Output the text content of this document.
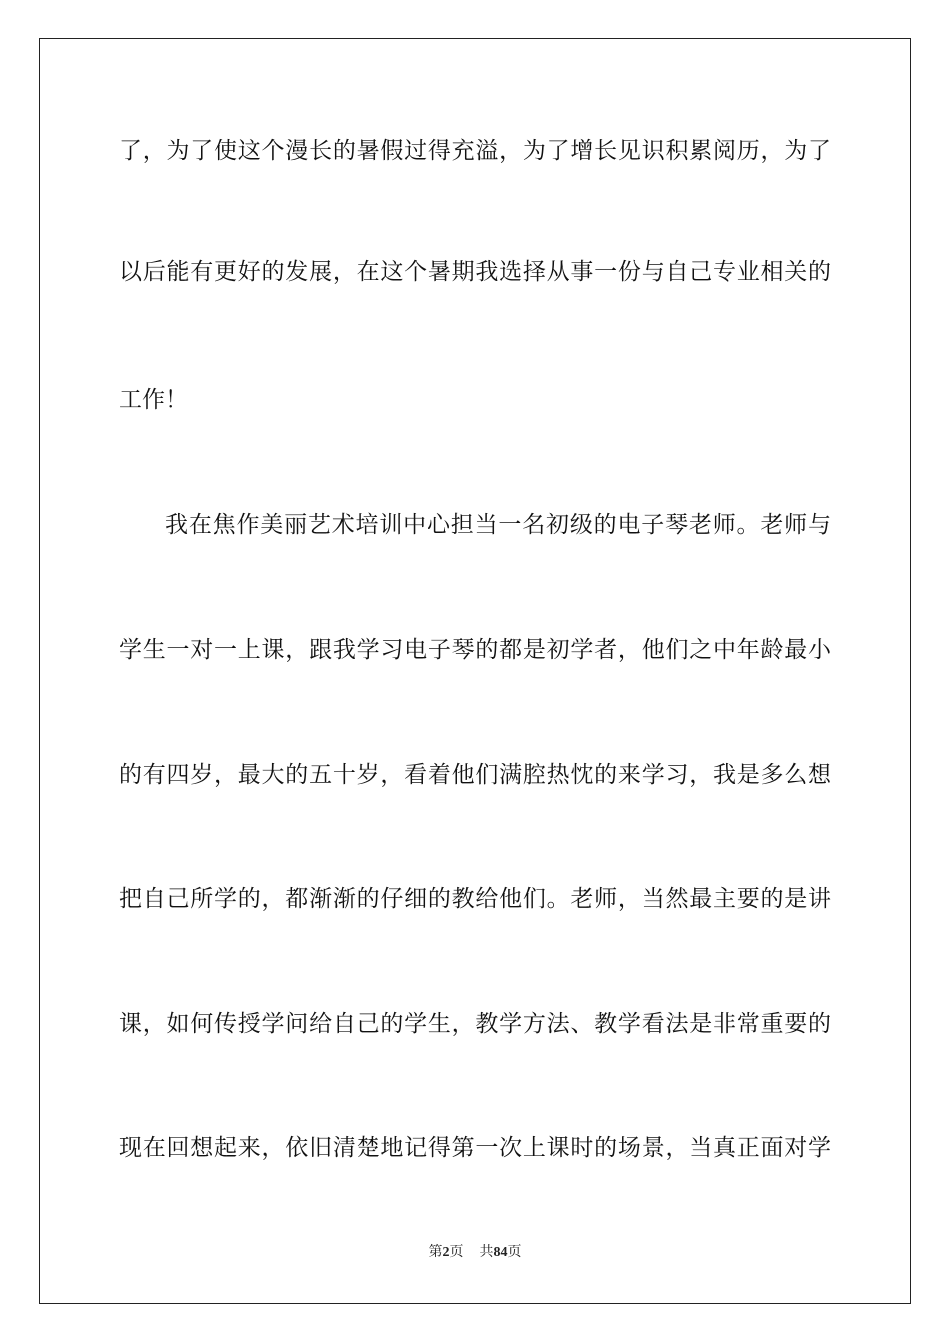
了，为了使这个漫长的暑假过得充溢，为了增长见识积累阅历，为了
以后能有更好的发展，在这个暑期我选择从事一份与自己专业相关的
工作！
我在焦作美丽艺术培训中心担当一名初级的电子琴老师。老师与
学生一对一上课，跟我学习电子琴的都是初学者，他们之中年龄最小
的有四岁，最大的五十岁，看着他们满腔热忱的来学习，我是多么想
把自己所学的，都渐渐的仔细的教给他们。老师，当然最主要的是讲
课，如何传授学问给自己的学生，教学方法、教学看法是非常重要的
现在回想起来，依旧清楚地记得第一次上课时的场景，当真正面对学
第2页 共84页
